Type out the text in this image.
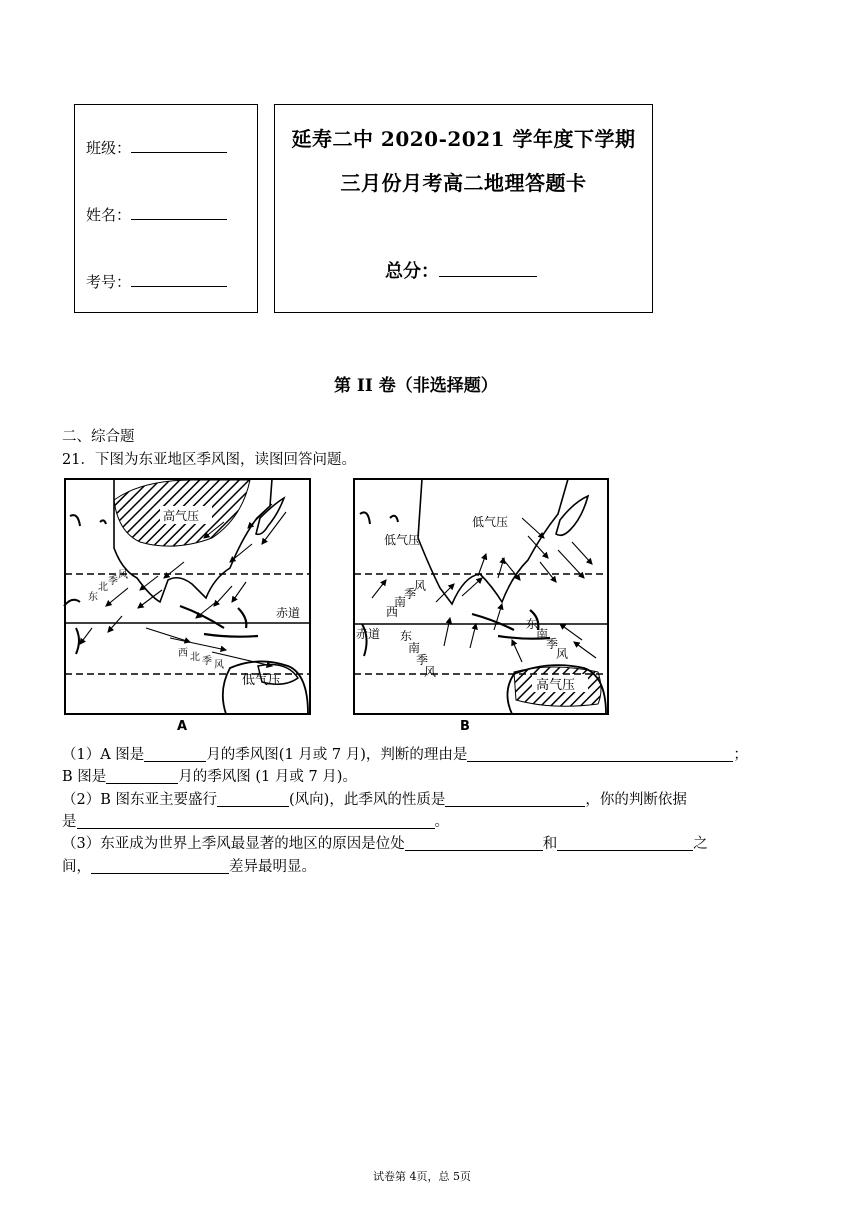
班级：
姓名：
考号：
延寿二中 2020-2021 学年度下学期
三月份月考高二地理答题卡
总分：
第 II 卷（非选择题）
二、综合题
21．下图为东亚地区季风图，读图回答问题。
高气压
低气压
赤道
东
北
季
风
西 北 季 风
A
高气压
低气压
低气压
赤道
西
南
季
风
东
南
季
风
东
南
季
风
B
（1）A 图是	月的季风图(1 月或 7 月)，判断的理由是	；
B 图是	月的季风图 (1 月或 7 月)。
（2）B 图东亚主要盛行	(风向)，此季风的性质是	，你的判断依据
是	。
（3）东亚成为世界上季风最显著的地区的原因是位处	和	之
间，	差异最明显。
试卷第 4页，总 5页
